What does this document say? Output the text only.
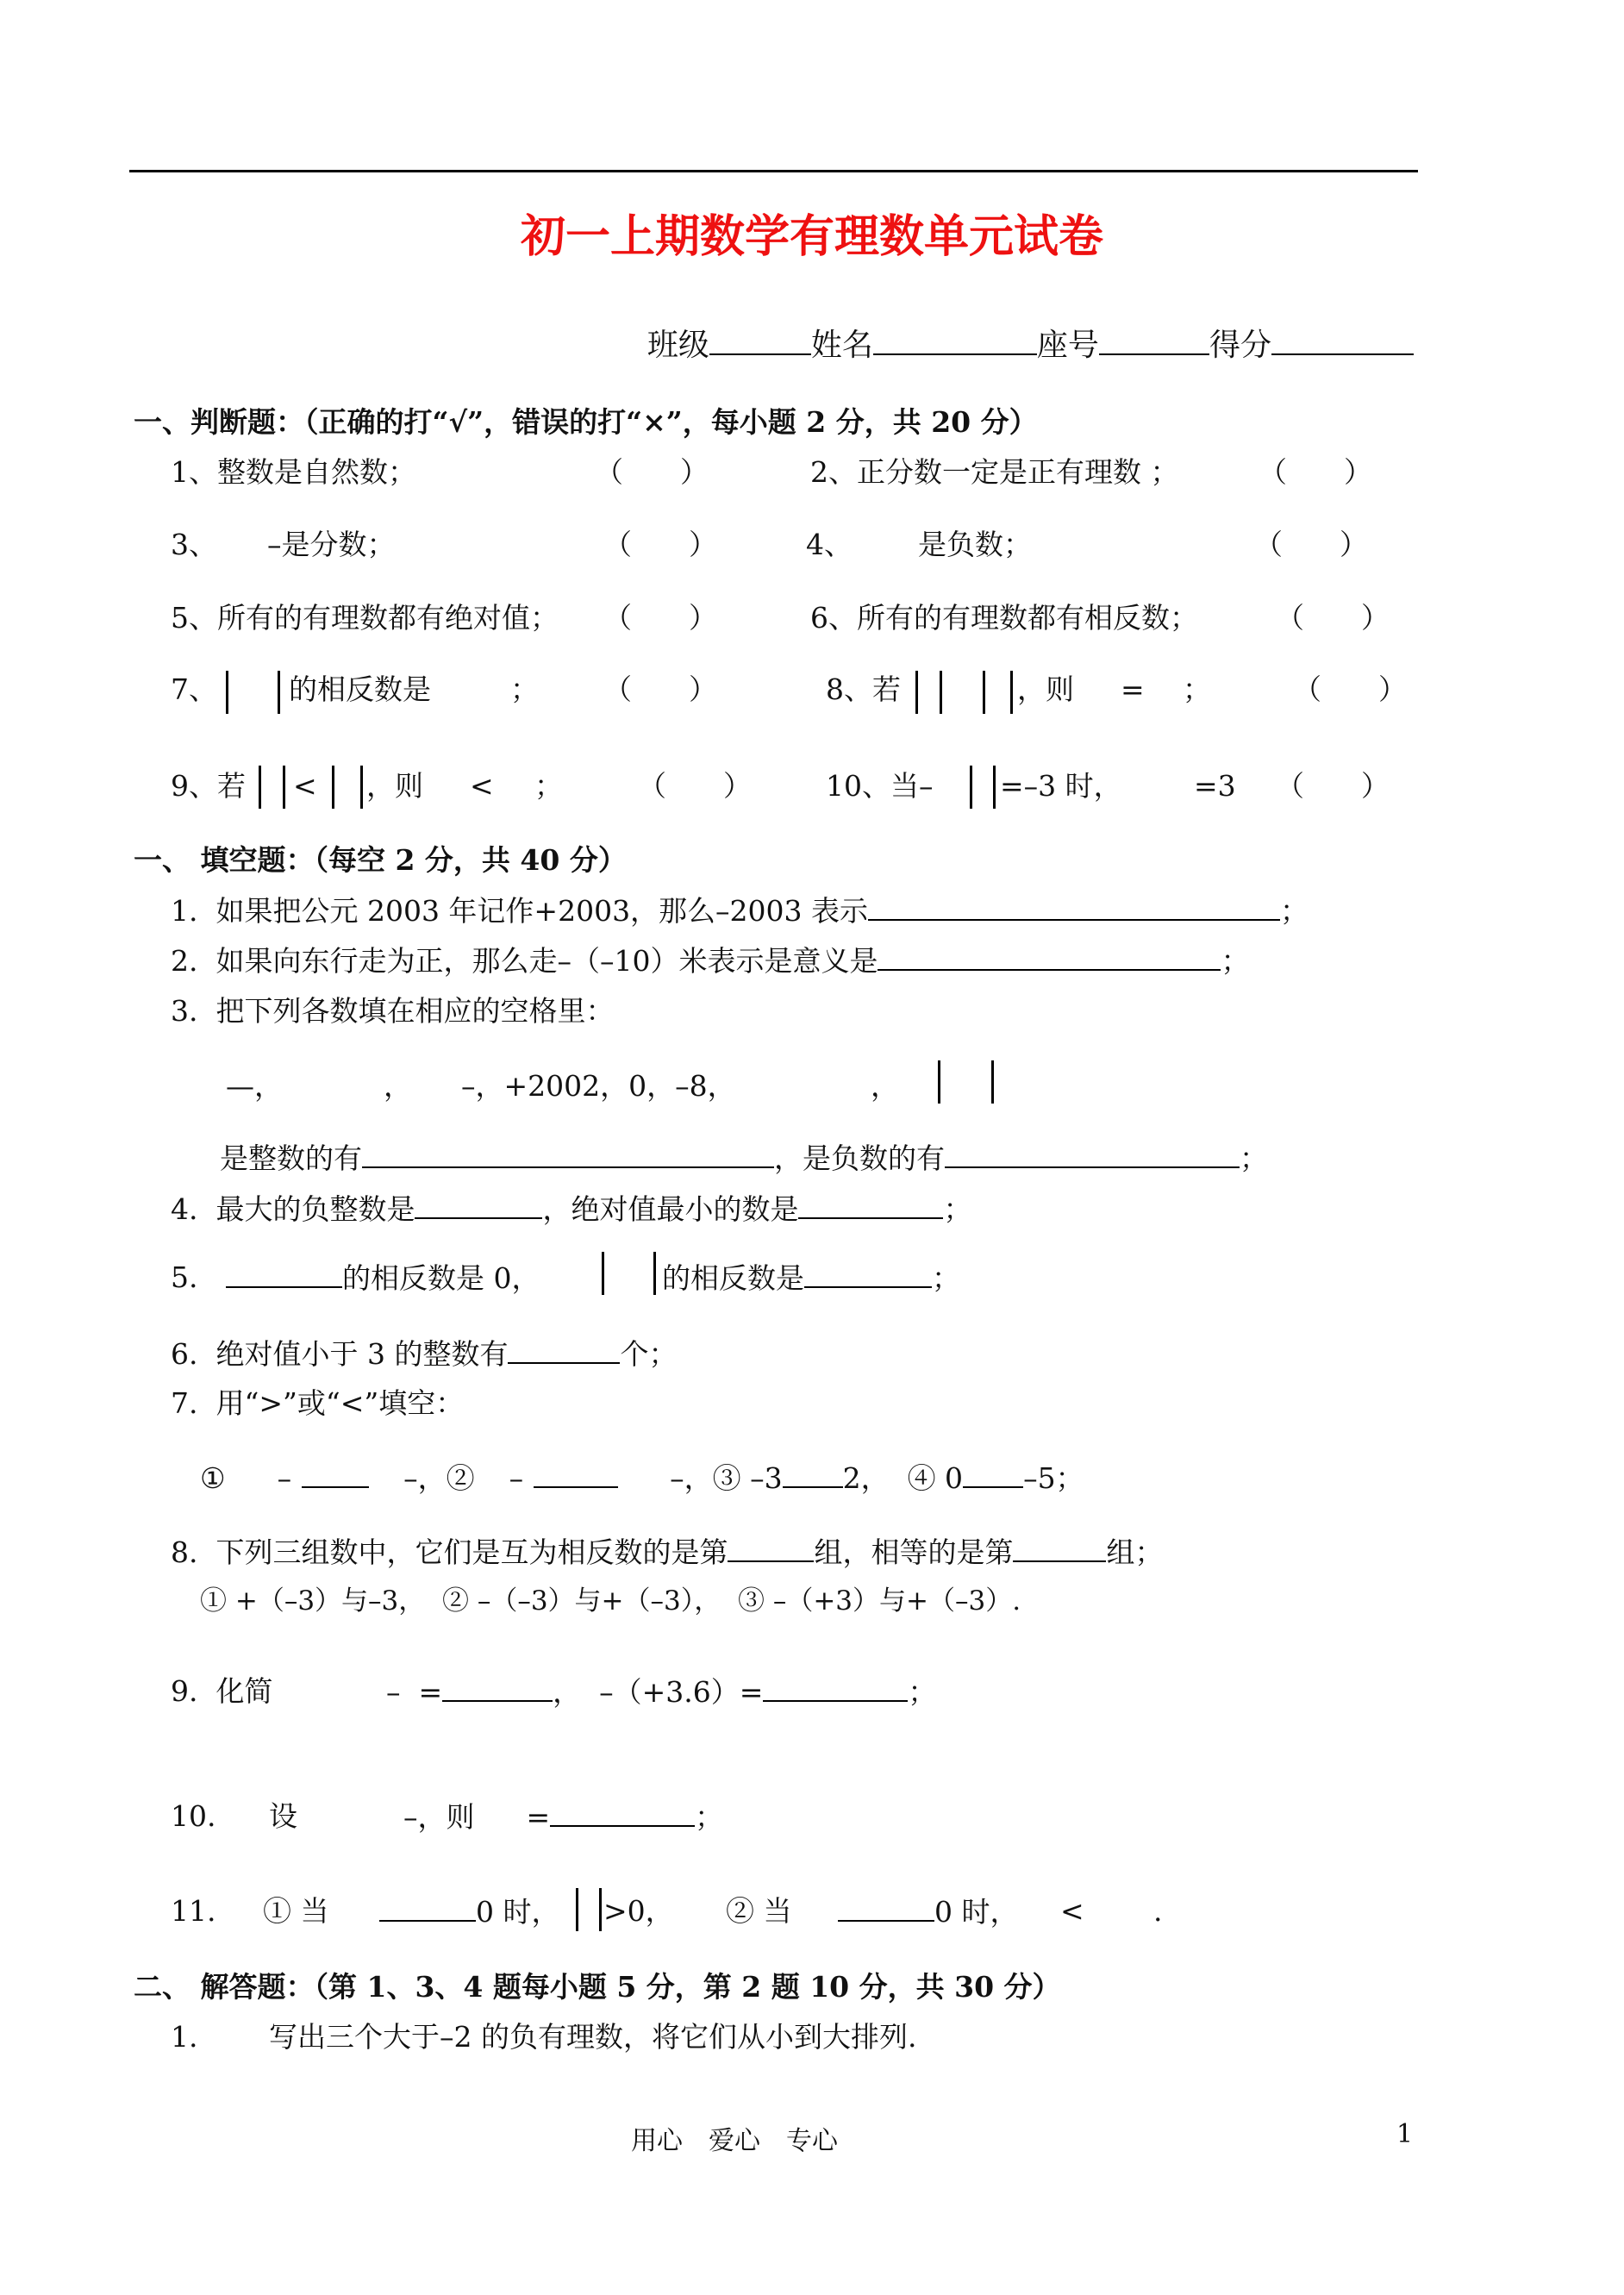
初一上期数学有理数单元试卷

班级	姓名	座号	得分

一、判断题：（正确的打“√”，错误的打“×”，每小题 2 分，共 20 分）
1、整数是自然数；	（　　）	2、正分数一定是正有理数 ；	（　　）
3、 –是分数；	（　　）	4、 是负数；	（　　）
5、所有的有理数都有绝对值； （　　）	6、所有的有理数都有相反数；	（　　）
7、	的相反数是	； （　　）	8、若	，则 = ；	（　　）
9、若 < ，则 < ；	（　　）	10、当– =–3 时，	=3 （　　）
一、 填空题：（每空 2 分，共 40 分）
1.  如果把公元 2003 年记作+2003，那么–2003 表示	；
2.  如果向东行走为正，那么走–（–10）米表示是意义是	；
3.  把下列各数填在相应的空格里：
—，	， –，+2002，0，–8，	，
是整数的有	，是负数的有	；
4.  最大的负整数是	，绝对值最小的数是	；
5.	的相反数是 0，	的相反数是	；
6.  绝对值小于 3 的整数有	个；
7.  用“>”或“<”填空：
① –	–，② –	–，③ –3 2，  ④ 0 –5；
8.  下列三组数中，它们是互为相反数的是第	组，相等的是第	组；
① +（–3）与–3，  ② –（–3）与+（–3），  ③ –（+3）与+（–3）.
9.  化简	–  =	，  –（+3.6）=	；
10. 设	–，则 =	；
11. ① 当	0 时， >0， ② 当	0 时， < .
二、 解答题：（第 1、3、4 题每小题 5 分，第 2 题 10 分，共 30 分）
1.	写出三个大于–2 的负有理数，将它们从小到大排列.
用心　爱心　专心	1
